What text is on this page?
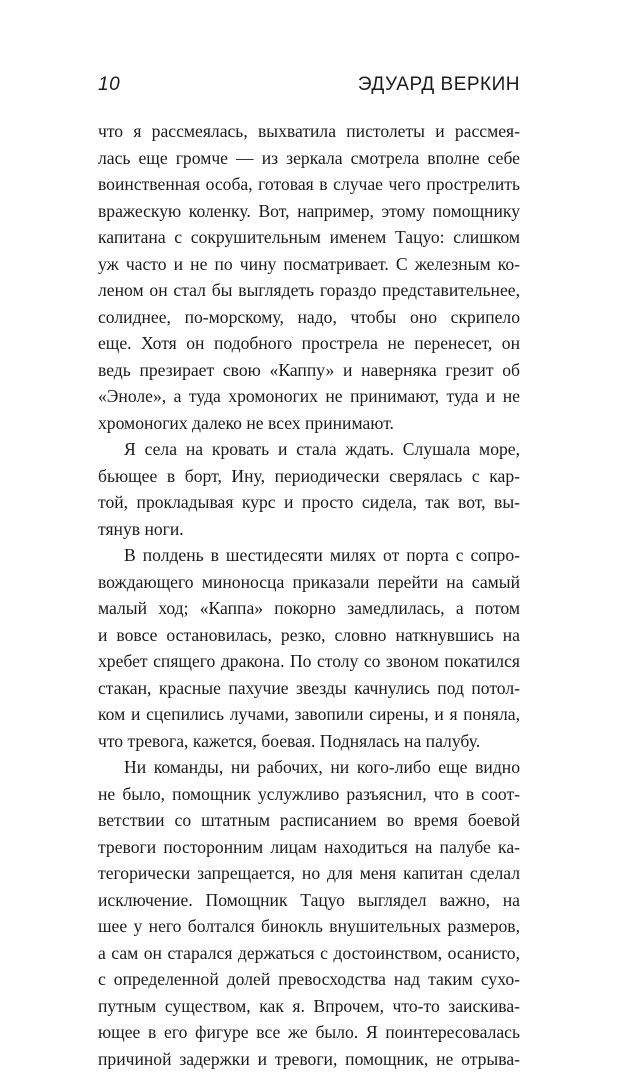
10	ЭДУАРД ВЕРКИН
что я рассмеялась, выхватила пистолеты и рассмея-
лась еще громче — из зеркала смотрела вполне себе
воинственная особа, готовая в случае чего прострелить
вражескую коленку. Вот, например, этому помощнику
капитана с сокрушительным именем Тацуо: слишком
уж часто и не по чину посматривает. С железным ко-
леном он стал бы выглядеть гораздо представительнее,
солиднее, по-морскому, надо, чтобы оно скрипело
еще. Хотя он подобного прострела не перенесет, он
ведь презирает свою «Каппу» и наверняка грезит об
«Эноле», а туда хромоногих не принимают, туда и не
хромоногих далеко не всех принимают.
Я села на кровать и стала ждать. Слушала море,
бьющее в борт, Ину, периодически сверялась с кар-
той, прокладывая курс и просто сидела, так вот, вы-
тянув ноги.
В полдень в шестидесяти милях от порта с сопро-
вождающего миноносца приказали перейти на самый
малый ход; «Каппа» покорно замедлилась, а потом
и вовсе остановилась, резко, словно наткнувшись на
хребет спящего дракона. По столу со звоном покатился
стакан, красные пахучие звезды качнулись под потол-
ком и сцепились лучами, завопили сирены, и я поняла,
что тревога, кажется, боевая. Поднялась на палубу.
Ни команды, ни рабочих, ни кого-либо еще видно
не было, помощник услужливо разъяснил, что в соот-
ветствии со штатным расписанием во время боевой
тревоги посторонним лицам находиться на палубе ка-
тегорически запрещается, но для меня капитан сделал
исключение. Помощник Тацуо выглядел важно, на
шее у него болтался бинокль внушительных размеров,
а сам он старался держаться с достоинством, осанисто,
с определенной долей превосходства над таким сухо-
путным существом, как я. Впрочем, что-то заискива-
ющее в его фигуре все же было. Я поинтересовалась
причиной задержки и тревоги, помощник, не отрыва-
